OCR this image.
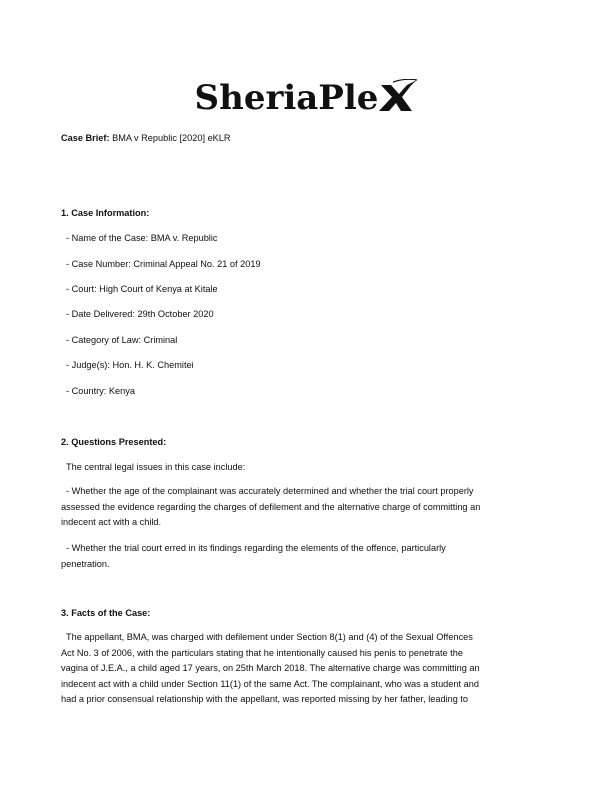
SheriaPle
Case Brief: BMA v Republic [2020] eKLR
1. Case Information:
- Name of the Case: BMA v. Republic
- Case Number: Criminal Appeal No. 21 of 2019
- Court: High Court of Kenya at Kitale
- Date Delivered: 29th October 2020
- Category of Law: Criminal
- Judge(s): Hon. H. K. Chemitei
- Country: Kenya
2. Questions Presented:
The central legal issues in this case include:
- Whether the age of the complainant was accurately determined and whether the trial court properly
assessed the evidence regarding the charges of defilement and the alternative charge of committing an
indecent act with a child.
- Whether the trial court erred in its findings regarding the elements of the offence, particularly
penetration.
3. Facts of the Case:
The appellant, BMA, was charged with defilement under Section 8(1) and (4) of the Sexual Offences
Act No. 3 of 2006, with the particulars stating that he intentionally caused his penis to penetrate the
vagina of J.E.A., a child aged 17 years, on 25th March 2018. The alternative charge was committing an
indecent act with a child under Section 11(1) of the same Act. The complainant, who was a student and
had a prior consensual relationship with the appellant, was reported missing by her father, leading to
